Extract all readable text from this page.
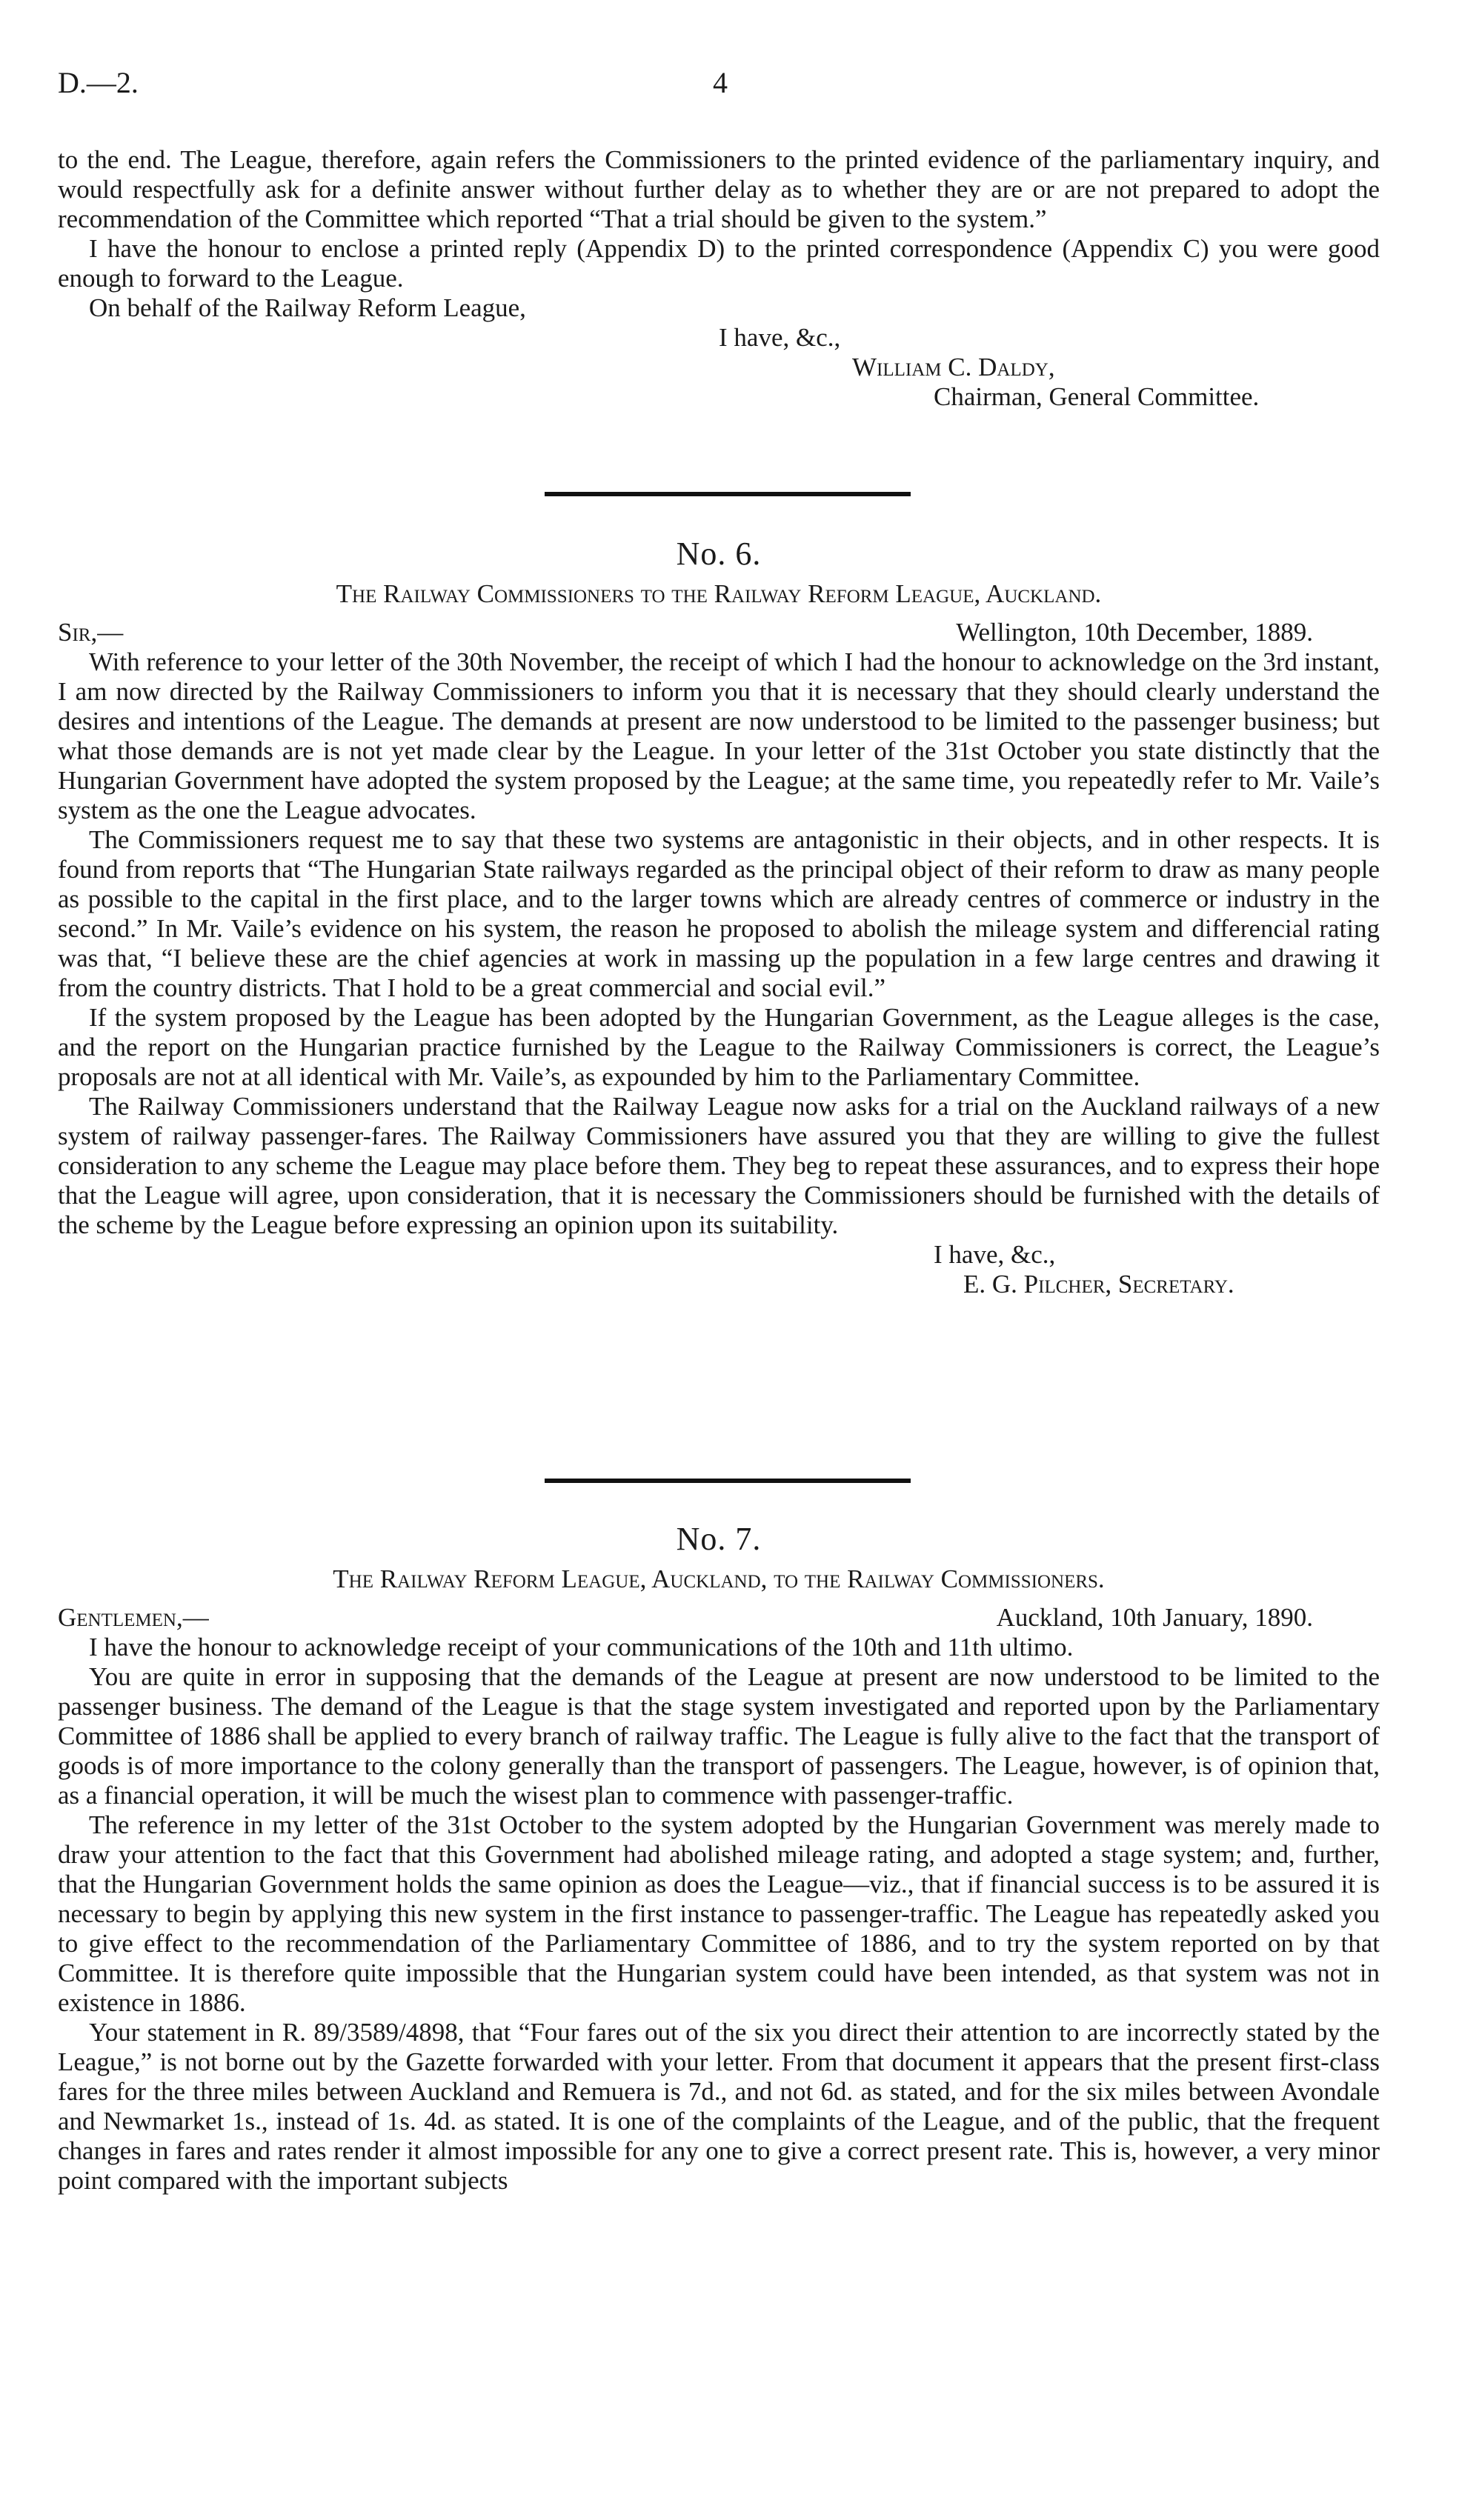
D.—2.	4

to the end. The League, therefore, again refers the Commissioners to the printed evidence of the parliamentary inquiry, and would respectfully ask for a definite answer without further delay as to whether they are or are not prepared to adopt the recommendation of the Committee which reported “That a trial should be given to the system.”

I have the honour to enclose a printed reply (Appendix D) to the printed correspondence (Appendix C) you were good enough to forward to the League.

On behalf of the Railway Reform League,

I have, &c.,

William C. Daldy,

Chairman, General Committee.

No. 6.
The Railway Commissioners to the Railway Reform League, Auckland.
Sir,—	Wellington, 10th December, 1889.

With reference to your letter of the 30th November, the receipt of which I had the honour to acknowledge on the 3rd instant, I am now directed by the Railway Commissioners to inform you that it is necessary that they should clearly understand the desires and intentions of the League. The demands at present are now understood to be limited to the passenger business; but what those demands are is not yet made clear by the League. In your letter of the 31st October you state distinctly that the Hungarian Government have adopted the system proposed by the League; at the same time, you repeatedly refer to Mr. Vaile’s system as the one the League advocates.

The Commissioners request me to say that these two systems are antagonistic in their objects, and in other respects. It is found from reports that “The Hungarian State railways regarded as the principal object of their reform to draw as many people as possible to the capital in the first place, and to the larger towns which are already centres of commerce or industry in the second.” In Mr. Vaile’s evidence on his system, the reason he proposed to abolish the mileage system and differencial rating was that, “I believe these are the chief agencies at work in massing up the population in a few large centres and drawing it from the country districts. That I hold to be a great commercial and social evil.”

If the system proposed by the League has been adopted by the Hungarian Government, as the League alleges is the case, and the report on the Hungarian practice furnished by the League to the Railway Commissioners is correct, the League’s proposals are not at all identical with Mr. Vaile’s, as expounded by him to the Parliamentary Committee.

The Railway Commissioners understand that the Railway League now asks for a trial on the Auckland railways of a new system of railway passenger-fares. The Railway Commissioners have assured you that they are willing to give the fullest consideration to any scheme the League may place before them. They beg to repeat these assurances, and to express their hope that the League will agree, upon consideration, that it is necessary the Commissioners should be furnished with the details of the scheme by the League before expressing an opinion upon its suitability.

I have, &c.,

E. G. Pilcher, Secretary.

No. 7.
The Railway Reform League, Auckland, to the Railway Commissioners.
Gentlemen,—	Auckland, 10th January, 1890.

I have the honour to acknowledge receipt of your communications of the 10th and 11th ultimo.

You are quite in error in supposing that the demands of the League at present are now understood to be limited to the passenger business. The demand of the League is that the stage system investigated and reported upon by the Parliamentary Committee of 1886 shall be applied to every branch of railway traffic. The League is fully alive to the fact that the transport of goods is of more importance to the colony generally than the transport of passengers. The League, however, is of opinion that, as a financial operation, it will be much the wisest plan to commence with passenger-traffic.

The reference in my letter of the 31st October to the system adopted by the Hungarian Government was merely made to draw your attention to the fact that this Government had abolished mileage rating, and adopted a stage system; and, further, that the Hungarian Government holds the same opinion as does the League—viz., that if financial success is to be assured it is necessary to begin by applying this new system in the first instance to passenger-traffic. The League has repeatedly asked you to give effect to the recommendation of the Parliamentary Committee of 1886, and to try the system reported on by that Committee. It is therefore quite impossible that the Hungarian system could have been intended, as that system was not in existence in 1886.

Your statement in R. 89/3589/4898, that “Four fares out of the six you direct their attention to are incorrectly stated by the League,” is not borne out by the Gazette forwarded with your letter. From that document it appears that the present first-class fares for the three miles between Auckland and Remuera is 7d., and not 6d. as stated, and for the six miles between Avondale and Newmarket 1s., instead of 1s. 4d. as stated. It is one of the complaints of the League, and of the public, that the frequent changes in fares and rates render it almost impossible for any one to give a correct present rate. This is, however, a very minor point compared with the important subjects
